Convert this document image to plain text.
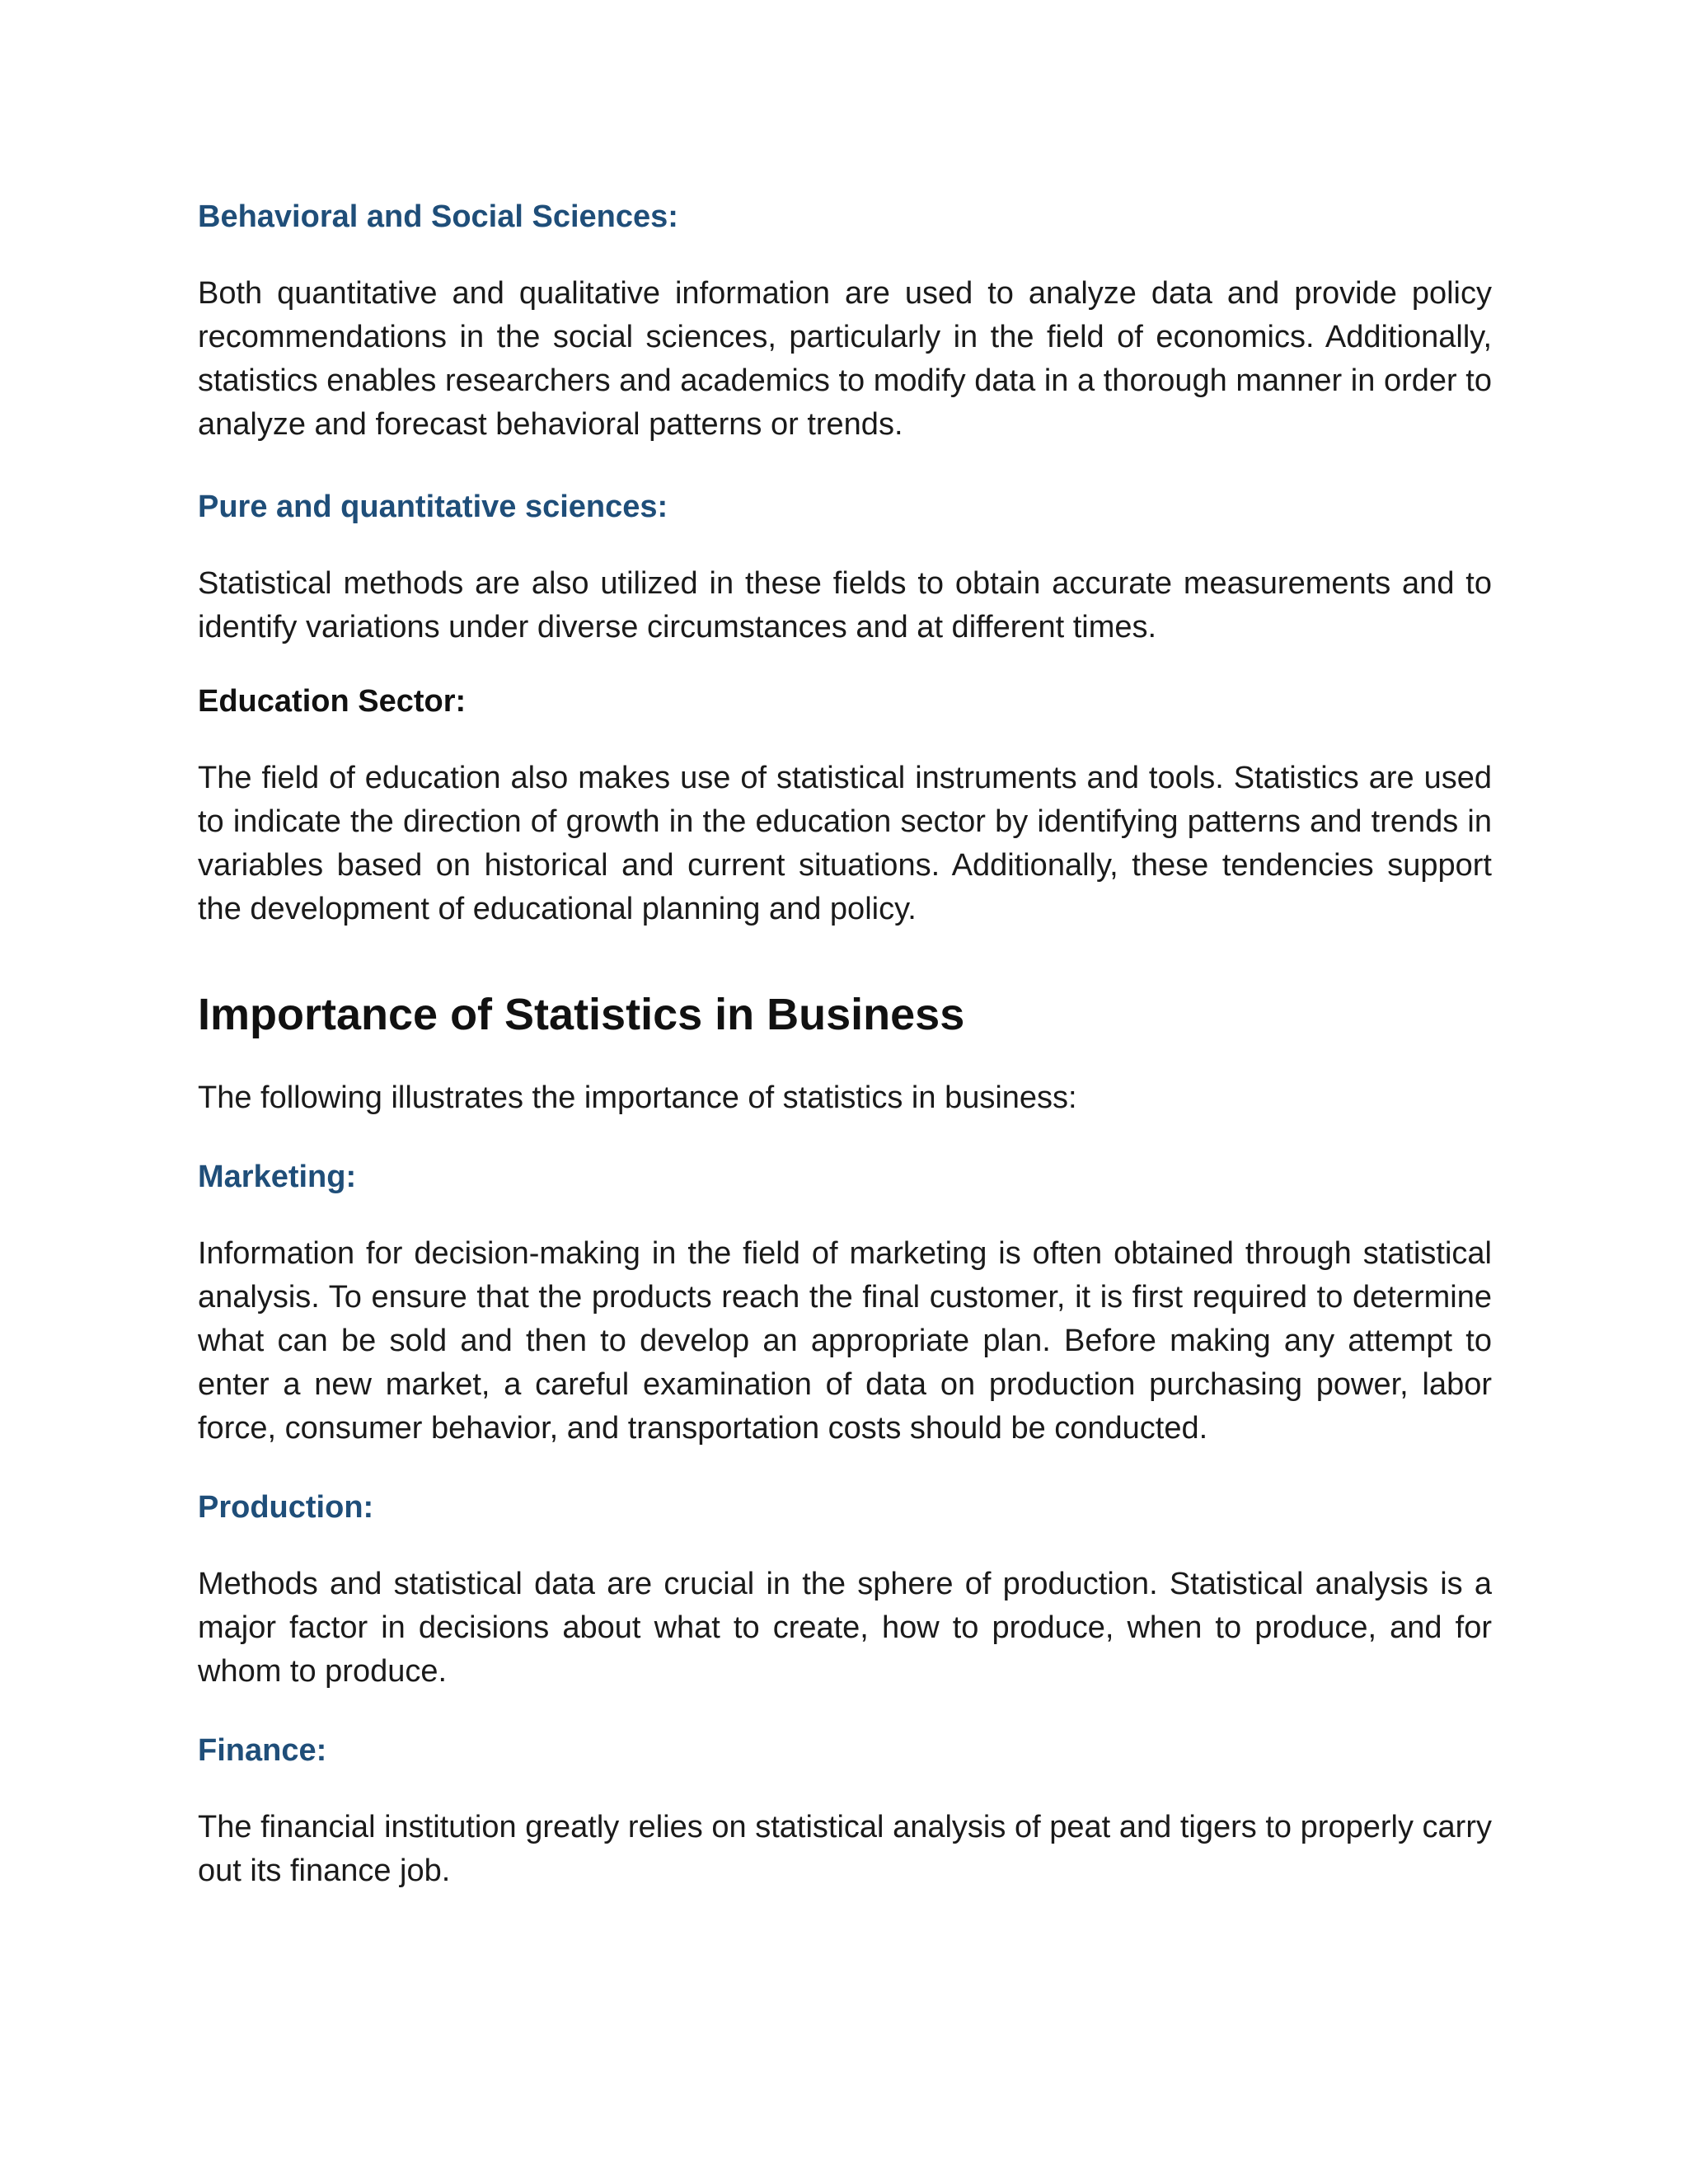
Behavioral and Social Sciences:

Both quantitative and qualitative information are used to analyze data and provide policy recommendations in the social sciences, particularly in the field of economics. Additionally, statistics enables researchers and academics to modify data in a thorough manner in order to analyze and forecast behavioral patterns or trends.

Pure and quantitative sciences:

Statistical methods are also utilized in these fields to obtain accurate measurements and to identify variations under diverse circumstances and at different times.

Education Sector:

The field of education also makes use of statistical instruments and tools. Statistics are used to indicate the direction of growth in the education sector by identifying patterns and trends in variables based on historical and current situations. Additionally, these tendencies support the development of educational planning and policy.

Importance of Statistics in Business

The following illustrates the importance of statistics in business:

Marketing:

Information for decision-making in the field of marketing is often obtained through statistical analysis. To ensure that the products reach the final customer, it is first required to determine what can be sold and then to develop an appropriate plan. Before making any attempt to enter a new market, a careful examination of data on production purchasing power, labor force, consumer behavior, and transportation costs should be conducted.

Production:

Methods and statistical data are crucial in the sphere of production. Statistical analysis is a major factor in decisions about what to create, how to produce, when to produce, and for whom to produce.

Finance:

The financial institution greatly relies on statistical analysis of peat and tigers to properly carry out its finance job.
